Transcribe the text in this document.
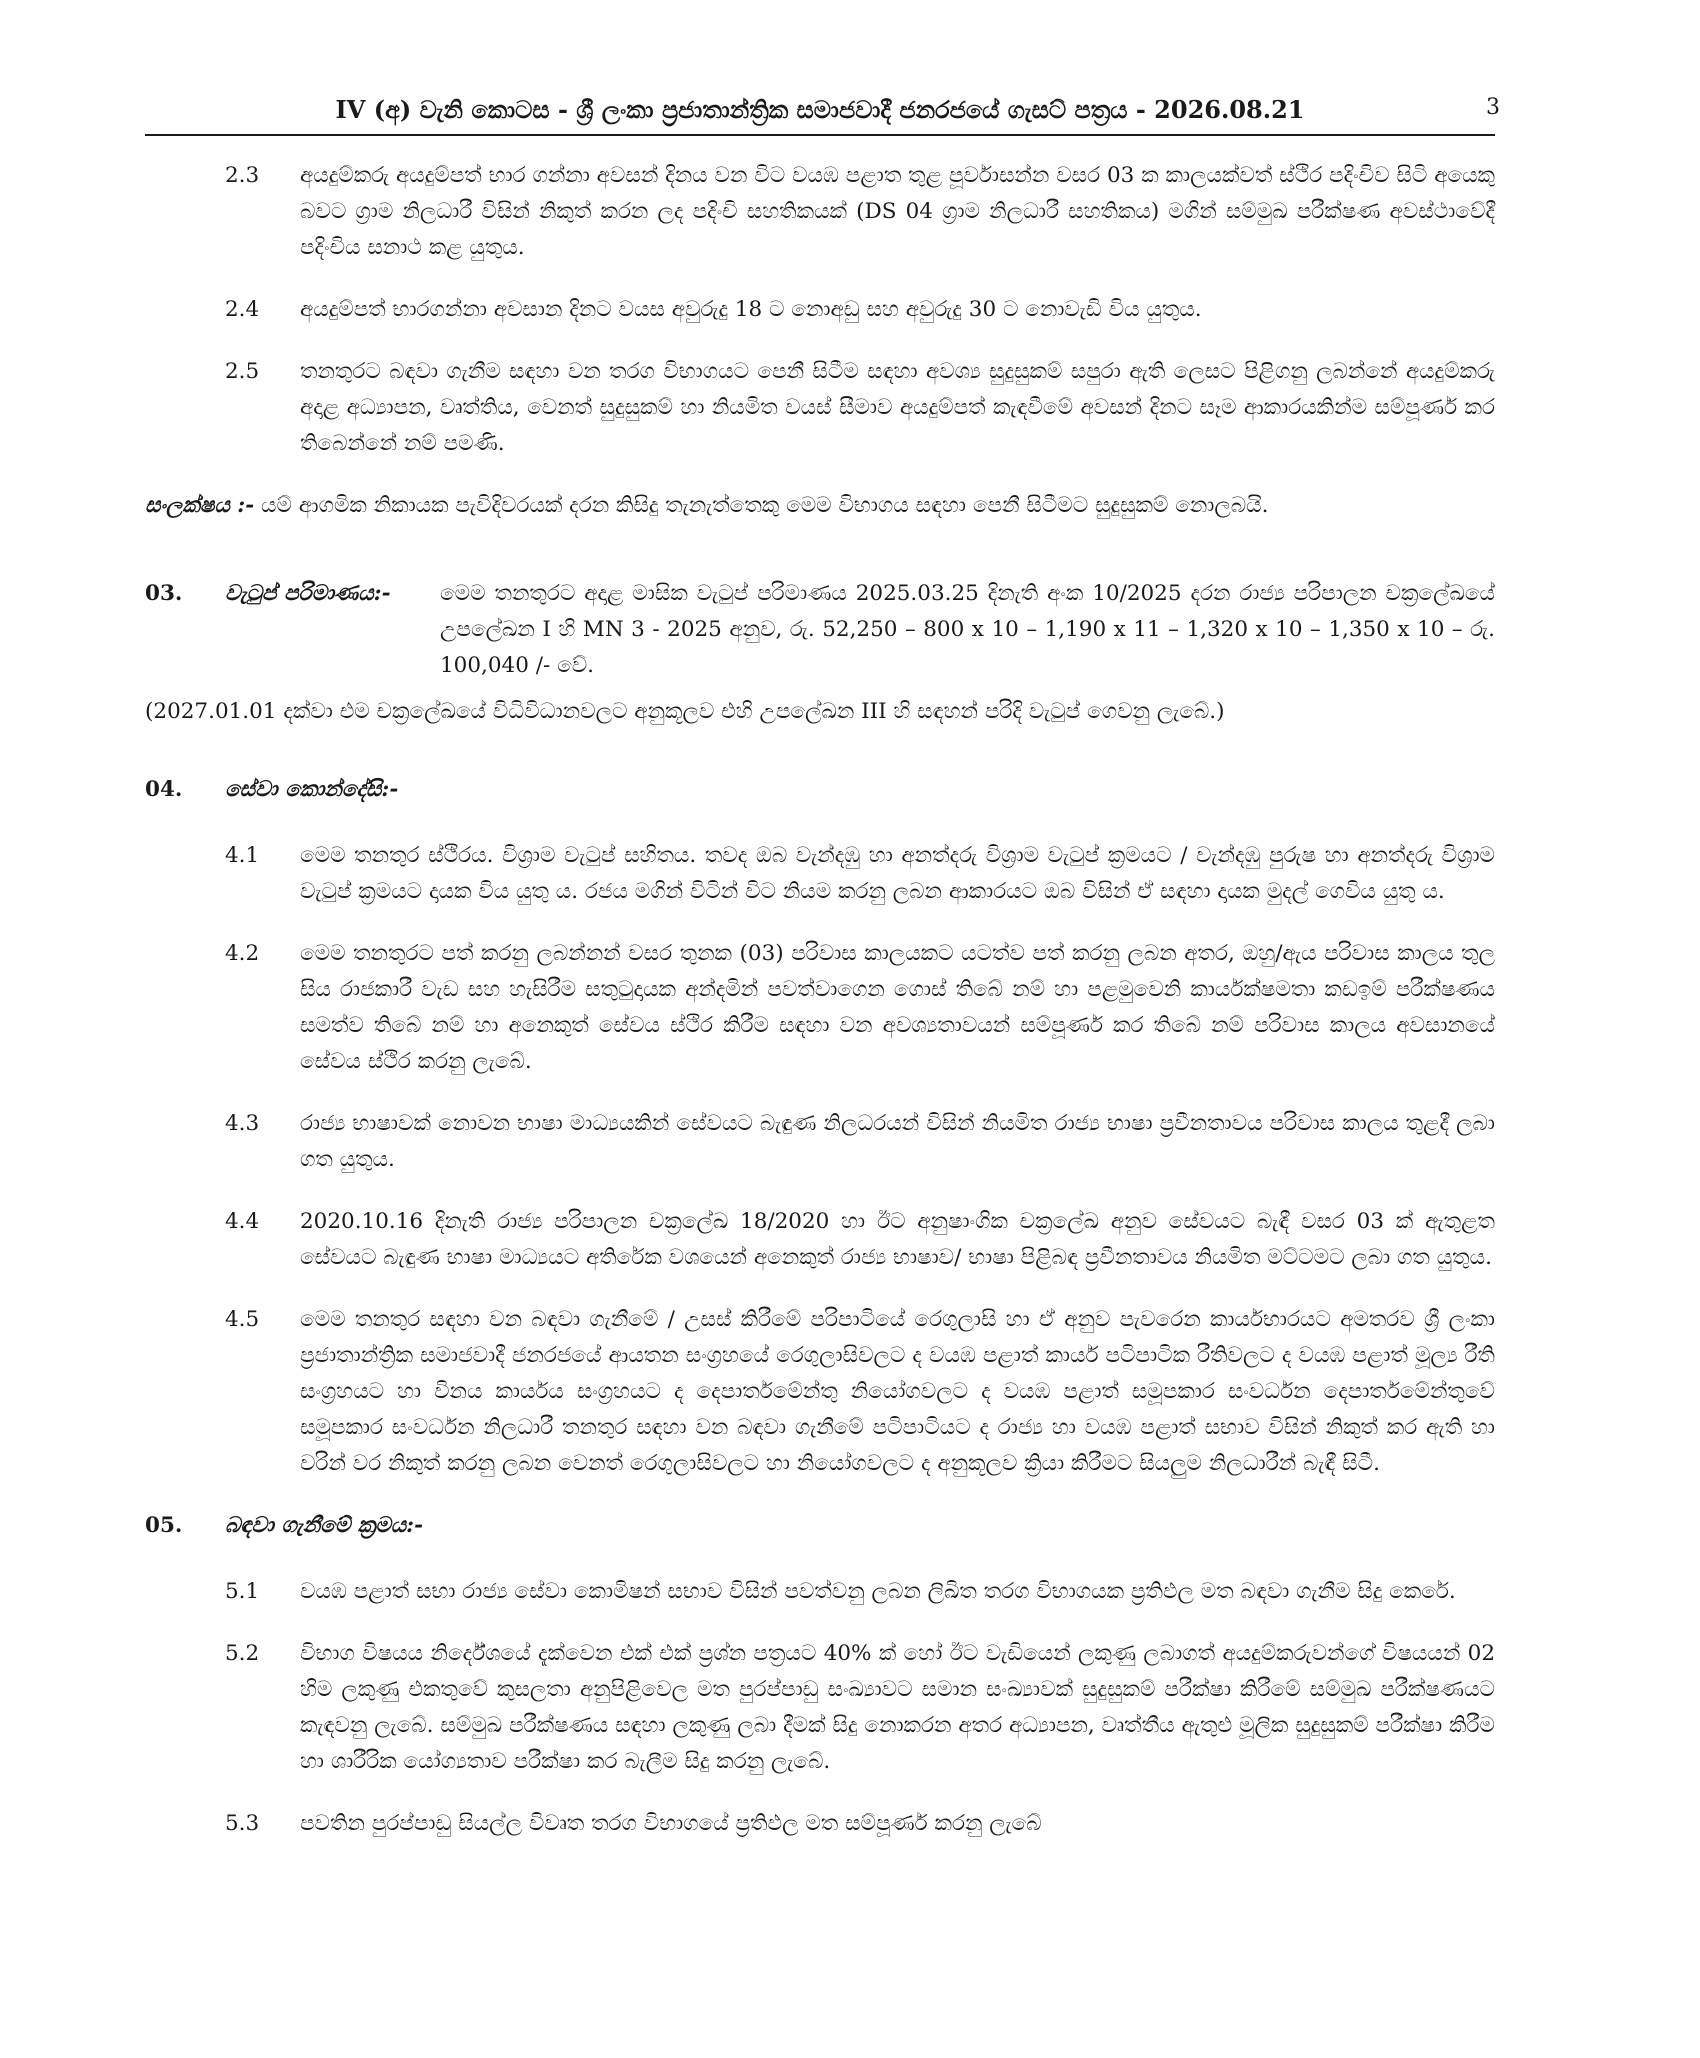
IV (අ) වැනි කොටස - ශ්‍රී ලංකා ප්‍රජාතාන්ත්‍රික සමාජවාදී ජනරජයේ ගැසට් පත්‍රය - 2026.08.21	3
2.3 අයදුම්කරු අයදුම්පත් භාර ගන්නා අවසන් දිනය වන විට වයඹ පළාත තුළ පූර්වාසන්න වසර 03 ක කාලයක්වත් ස්ථිර පදිංචිව සිටි අයෙකු බවට ග්‍රාම නිලධාරී විසින් නිකුත් කරන ලද පදිංචි සහතිකයක් (DS 04 ග්‍රාම නිලධාරී සහතිකය) මගින් සම්මුඛ පරීක්ෂණ අවස්ථාවේදී පදිංචිය සනාථ කළ යුතුය.
2.4 අයදුම්පත් භාරගන්නා අවසාන දිනට වයස අවුරුදු 18 ට නොඅඩු සහ අවුරුදු 30 ට නොවැඩි විය යුතුය.
2.5 තනතුරට බඳවා ගැනීම සඳහා වන තරග විභාගයට පෙනී සිටීම සඳහා අවශ්‍ය සුදුසුකම් සපුරා ඇති ලෙසට පිළිගනු ලබන්නේ අයදුම්කරු අදාළ අධ්‍යාපන, වෘත්තිය, වෙනත් සුදුසුකම් හා නියමිත වයස් සීමාව අයදුම්පත් කැඳවීමේ අවසන් දිනට සෑම ආකාරයකින්ම සම්පූර්ණ කර තිබෙන්නේ නම් පමණි.
සංලක්ෂය :- යම් ආගමික නිකායක පැවිදිවරයක් දරන කිසිදු තැනැත්තෙකු මෙම විභාගය සඳහා පෙනී සිටීමට සුදුසුකම් නොලබයි.
03. වැටුප් පරිමාණය:- මෙම තනතුරට අදාළ මාසික වැටුප් පරිමාණය 2025.03.25 දිනැති අංක 10/2025 දරන රාජ්‍ය පරිපාලන චක්‍රලේඛයේ උපලේඛන I හි MN 3 - 2025 අනුව, රු. 52,250 – 800 x 10 – 1,190 x 11 – 1,320 x 10 – 1,350 x 10 – රු. 100,040 /- වේ.
(2027.01.01 දක්වා එම චක්‍රලේඛයේ විධිවිධානවලට අනුකූලව එහි උපලේඛන III හි සඳහන් පරිදි වැටුප් ගෙවනු ලැබේ.)
04. සේවා කොන්දේසි:-
4.1 මෙම තනතුර ස්ථිරය. විශ්‍රාම වැටුප් සහිතය. තවද ඔබ වැන්දඹු හා අනත්දරු විශ්‍රාම වැටුප් ක්‍රමයට / වැන්දඹු පුරුෂ හා අනත්දරු විශ්‍රාම වැටුප් ක්‍රමයට දායක විය යුතු ය. රජය මගින් විටින් විට නියම කරනු ලබන ආකාරයට ඔබ විසින් ඒ සඳහා දායක මුදල් ගෙවිය යුතු ය.
4.2 මෙම තනතුරට පත් කරනු ලබන්නන් වසර තුනක (03) පරිවාස කාලයකට යටත්ව පත් කරනු ලබන අතර, ඔහු/ඇය පරිවාස කාලය තුල සිය රාජකාරී වැඩ සහ හැසිරීම සතුටුදායක අන්දමින් පවත්වාගෙන ගොස් තිබේ නම් හා පළමුවෙනි කාර්යක්ෂමතා කඩඉම් පරීක්ෂණය සමත්ව තිබේ නම් හා අනෙකුත් සේවය ස්ථිර කිරීම සඳහා වන අවශ්‍යතාවයන් සම්පූර්ණ කර තිබේ නම් පරිවාස කාලය අවසානයේ සේවය ස්ථිර කරනු ලැබේ.
4.3 රාජ්‍ය භාෂාවක් නොවන භාෂා මාධ්‍යයකින් සේවයට බැඳුණ නිලධරයන් විසින් නියමිත රාජ්‍ය භාෂා ප්‍රවීනතාවය පරිවාස කාලය තුළදී ලබා ගත යුතුය.
4.4 2020.10.16 දිනැති රාජ්‍ය පරිපාලන චක්‍රලේඛ 18/2020 හා ඊට අනුෂාංගික චක්‍රලේඛ අනුව සේවයට බැඳී වසර 03 ක් ඇතුළත සේවයට බැඳුණ භාෂා මාධ්‍යයට අතිරේක වශයෙන් අනෙකුත් රාජ්‍ය භාෂාව/ භාෂා පිළිබඳ ප්‍රවීනතාවය නියමිත මට්ටමට ලබා ගත යුතුය.
4.5 මෙම තනතුර සඳහා වන බඳවා ගැනීමේ / උසස් කිරීමේ පරිපාටියේ රෙගුලාසි හා ඒ අනුව පැවරෙන කාර්යභාරයට අමතරව ශ්‍රී ලංකා ප්‍රජාතාන්ත්‍රික සමාජවාදී ජනරජයේ ආයතන සංග්‍රහයේ රෙගුලාසිවලට ද වයඹ පළාත් කාර්ය පටිපාටික රීතිවලට ද වයඹ පළාත් මූල්‍ය රීති සංග්‍රහයට හා විනය කාර්යය සංග්‍රහයට ද දෙපාර්තමේන්තු නියෝගවලට ද වයඹ පළාත් සමූපකාර සංවර්ධන දෙපාර්තමේන්තුවේ සමූපකාර සංවර්ධන නිලධාරී තනතුර සඳහා වන බඳවා ගැනීමේ පටිපාටියට ද රාජ්‍ය හා වයඹ පළාත් සභාව විසින් නිකුත් කර ඇති හා වරින් වර නිකුත් කරනු ලබන වෙනත් රෙගුලාසිවලට හා නියෝගවලට ද අනුකූලව ක්‍රියා කිරීමට සියලුම නිලධාරීන් බැඳී සිටී.
05. බඳවා ගැනීමේ ක්‍රමය:-
5.1 වයඹ පළාත් සභා රාජ්‍ය සේවා කොමිෂන් සභාව විසින් පවත්වනු ලබන ලිඛිත තරග විභාගයක ප්‍රතිඵල මත බඳවා ගැනීම සිදු කෙරේ.
5.2 විභාග විෂයය නිර්දේශයේ දැක්වෙන එක් එක් ප්‍රශ්න පත්‍රයට 40% ක් හෝ ඊට වැඩියෙන් ලකුණු ලබාගත් අයදුම්කරුවන්ගේ විෂයයන් 02 හිම ලකුණු එකතුවේ කුසලතා අනුපිළිවෙල මත පුරප්පාඩු සංඛ්‍යාවට සමාන සංඛ්‍යාවක් සුදුසුකම් පරීක්ෂා කිරීමේ සම්මුඛ පරීක්ෂණයට කැඳවනු ලැබේ. සම්මුඛ පරීක්ෂණය සඳහා ලකුණු ලබා දීමක් සිදු නොකරන අතර අධ්‍යාපන, වෘත්තීය ඇතුළු මූලික සුදුසුකම් පරීක්ෂා කිරීම හා ශාරීරික යෝග්‍යතාව පරීක්ෂා කර බැලීම සිදු කරනු ලැබේ.
5.3 පවතින පුරප්පාඩු සියල්ල විවෘත තරග විභාගයේ ප්‍රතිඵල මත සම්පූර්ණ කරනු ලැබේ
